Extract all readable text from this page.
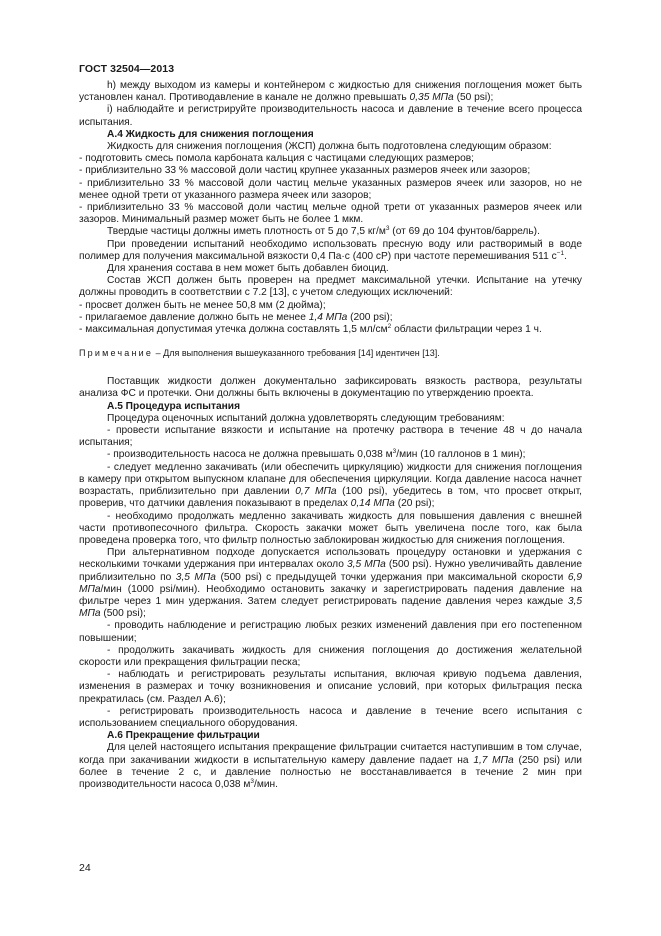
ГОСТ 32504—2013

h) между выходом из камеры и контейнером с жидкостью для снижения поглощения может быть установлен канал. Противодавление в канале не должно превышать 0,35 МПа (50 psi);

i) наблюдайте и регистрируйте производительность насоса и давление в течение всего процесса испытания.

А.4 Жидкость для снижения поглощения

Жидкость для снижения поглощения (ЖСП) должна быть подготовлена следующим образом:

- подготовить смесь помола карбоната кальция с частицами следующих размеров;

- приблизительно 33 % массовой доли частиц крупнее указанных размеров ячеек или зазоров;

- приблизительно 33 % массовой доли частиц мельче указанных размеров ячеек или зазоров, но не менее одной трети от указанного размера ячеек или зазоров;

- приблизительно 33 % массовой доли частиц мельче одной трети от указанных размеров ячеек или зазоров. Минимальный размер может быть не более 1 мкм.

Твердые частицы должны иметь плотность от 5 до 7,5 $кг/м^3$ (от 69 до 104 фунтов/баррель).

При проведении испытаний необходимо использовать пресную воду или растворимый в воде полимер для получения максимальной вязкости 0,4 Па·с (400 сР) при частоте перемешивания 511 $с^{-1}$.

Для хранения состава в нем может быть добавлен биоцид.

Состав ЖСП должен быть проверен на предмет максимальной утечки. Испытание на утечку должны проводить в соответствии с 7.2 [13], с учетом следующих исключений:

- просвет должен быть не менее 50,8 мм (2 дюйма);

- прилагаемое давление должно быть не менее 1,4 МПа (200 psi);

- максимальная допустимая утечка должна составлять 1,5 $мл/см^2$ области фильтрации через 1 ч.

Примечание – Для выполнения вышеуказанного требования [14] идентичен [13].

Поставщик жидкости должен документально зафиксировать вязкость раствора, результаты анализа ФС и протечки. Они должны быть включены в документацию по утверждению проекта.

А.5 Процедура испытания

Процедура оценочных испытаний должна удовлетворять следующим требованиям:

- провести испытание вязкости и испытание на протечку раствора в течение 48 ч до начала испытания;

- производительность насоса не должна превышать 0,038 $м^3$/мин (10 галлонов в 1 мин);

- следует медленно закачивать (или обеспечить циркуляцию) жидкости для снижения поглощения в камеру при открытом выпускном клапане для обеспечения циркуляции. Когда давление насоса начнет возрастать, приблизительно при давлении 0,7 МПа (100 psi), убедитесь в том, что просвет открыт, проверив, что датчики давления показывают в пределах 0,14 МПа (20 psi);

- необходимо продолжать медленно закачивать жидкость для повышения давления с внешней части противопесочного фильтра. Скорость закачки может быть увеличена после того, как была проведена проверка того, что фильтр полностью заблокирован жидкостью для снижения поглощения.

При альтернативном подходе допускается использовать процедуру остановки и удержания с несколькими точками удержания при интервалах около 3,5 МПа (500 psi). Нужно увеличивайть давление приблизительно по 3,5 МПа (500 psi) с предыдущей точки удержания при максимальной скорости 6,9 МПа/мин (1000 psi/мин). Необходимо остановить закачку и зарегистрировать падения давление на фильтре через 1 мин удержания. Затем следует регистрировать падение давления через каждые 3,5 МПа (500 psi);

- проводить наблюдение и регистрацию любых резких изменений давления при его постепенном повышении;

- продолжить закачивать жидкость для снижения поглощения до достижения желательной скорости или прекращения фильтрации песка;

- наблюдать и регистрировать результаты испытания, включая кривую подъема давления, изменения в размерах и точку возникновения и описание условий, при которых фильтрация песка прекратилась (см. Раздел А.6);

- регистрировать производительность насоса и давление в течение всего испытания с использованием специального оборудования.

А.6 Прекращение фильтрации

Для целей настоящего испытания прекращение фильтрации считается наступившим в том случае, когда при закачивании жидкости в испытательную камеру давление падает на 1,7 МПа (250 psi) или более в течение 2 с, и давление полностью не восстанавливается в течение 2 мин при производительности насоса 0,038 $м^3$/мин.

24
